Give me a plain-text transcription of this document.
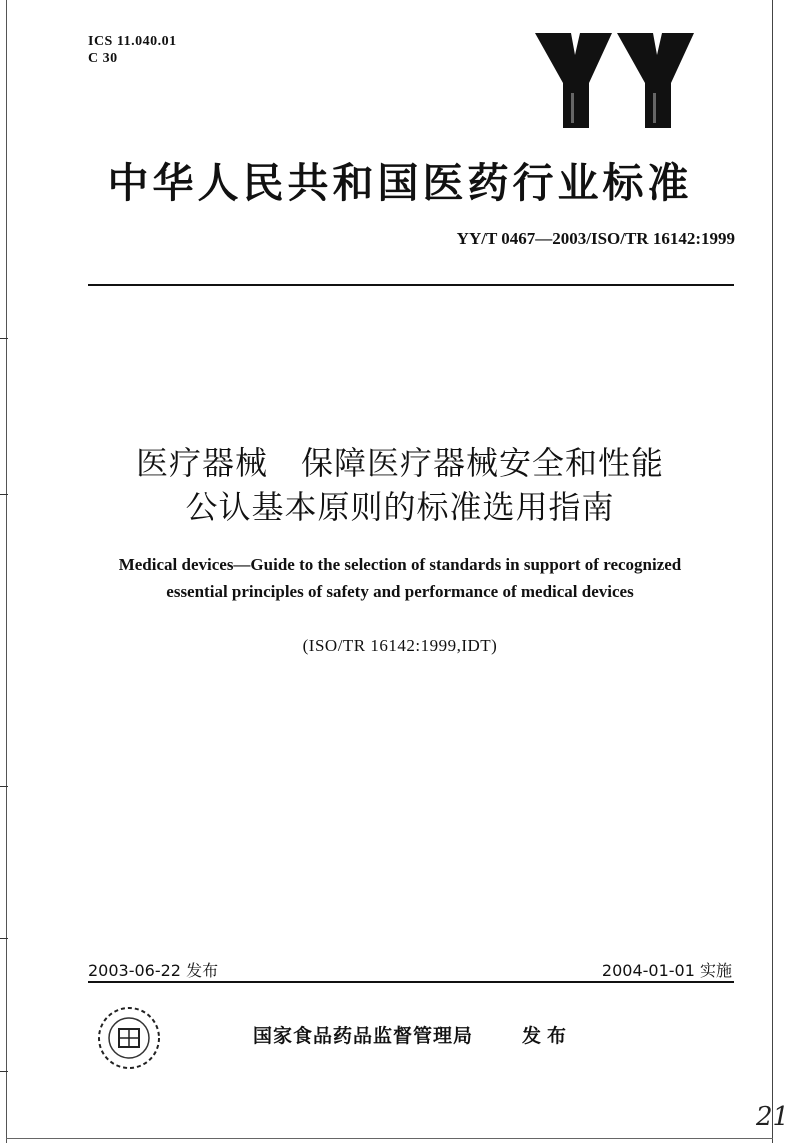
ICS 11.040.01
C 30
中华人民共和国医药行业标准
YY/T 0467—2003/ISO/TR 16142:1999
医疗器械　保障医疗器械安全和性能
公认基本原则的标准选用指南
Medical devices—Guide to the selection of standards in support of recognized
essential principles of safety and performance of medical devices
(ISO/TR 16142:1999,IDT)
2003-06-22 发布	2004-01-01 实施
国家食品药品监督管理局	发布
21
